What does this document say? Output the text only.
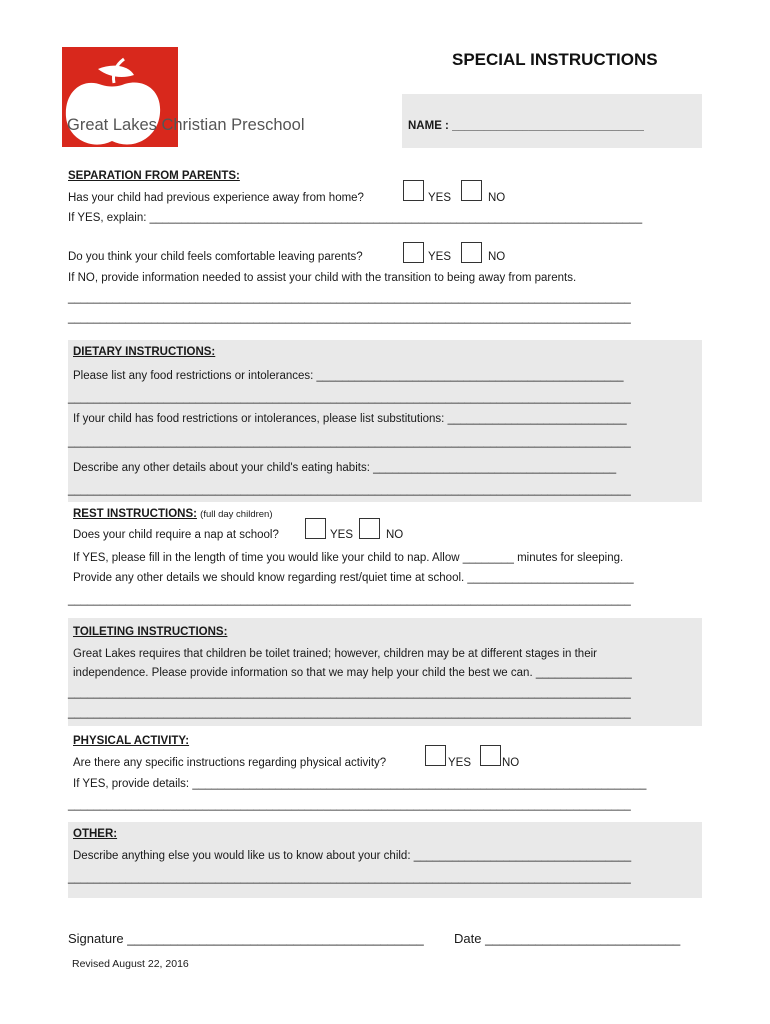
Great Lakes Christian Preschool
SPECIAL INSTRUCTIONS
NAME : ______________________________
SEPARATION FROM PARENTS:
Has your child had previous experience away from home?	YES	NO
If YES, explain: _____________________________________________________________________________
Do you think your child feels comfortable leaving parents?	YES	NO
If NO, provide information needed to assist your child with the transition to being away from parents.
________________________________________________________________________________________
________________________________________________________________________________________
DIETARY INSTRUCTIONS:
Please list any food restrictions or intolerances: ________________________________________________
________________________________________________________________________________________
If your child has food restrictions or intolerances, please list substitutions: ____________________________
________________________________________________________________________________________
Describe any other details about your child's eating habits: ______________________________________
________________________________________________________________________________________
REST INSTRUCTIONS: (full day children)
Does your child require a nap at school?	YES	NO
If YES, please fill in the length of time you would like your child to nap. Allow ________ minutes for sleeping.
Provide any other details we should know regarding rest/quiet time at school. __________________________
________________________________________________________________________________________
TOILETING INSTRUCTIONS:
Great Lakes requires that children be toilet trained; however, children may be at different stages in their
independence. Please provide information so that we may help your child the best we can. _______________
________________________________________________________________________________________
________________________________________________________________________________________
PHYSICAL ACTIVITY:
Are there any specific instructions regarding physical activity?	YES	NO
If YES, provide details: _______________________________________________________________________
________________________________________________________________________________________
OTHER:
Describe anything else you would like us to know about your child: __________________________________
________________________________________________________________________________________
Signature _________________________________________ Date ___________________________
Revised August 22, 2016
